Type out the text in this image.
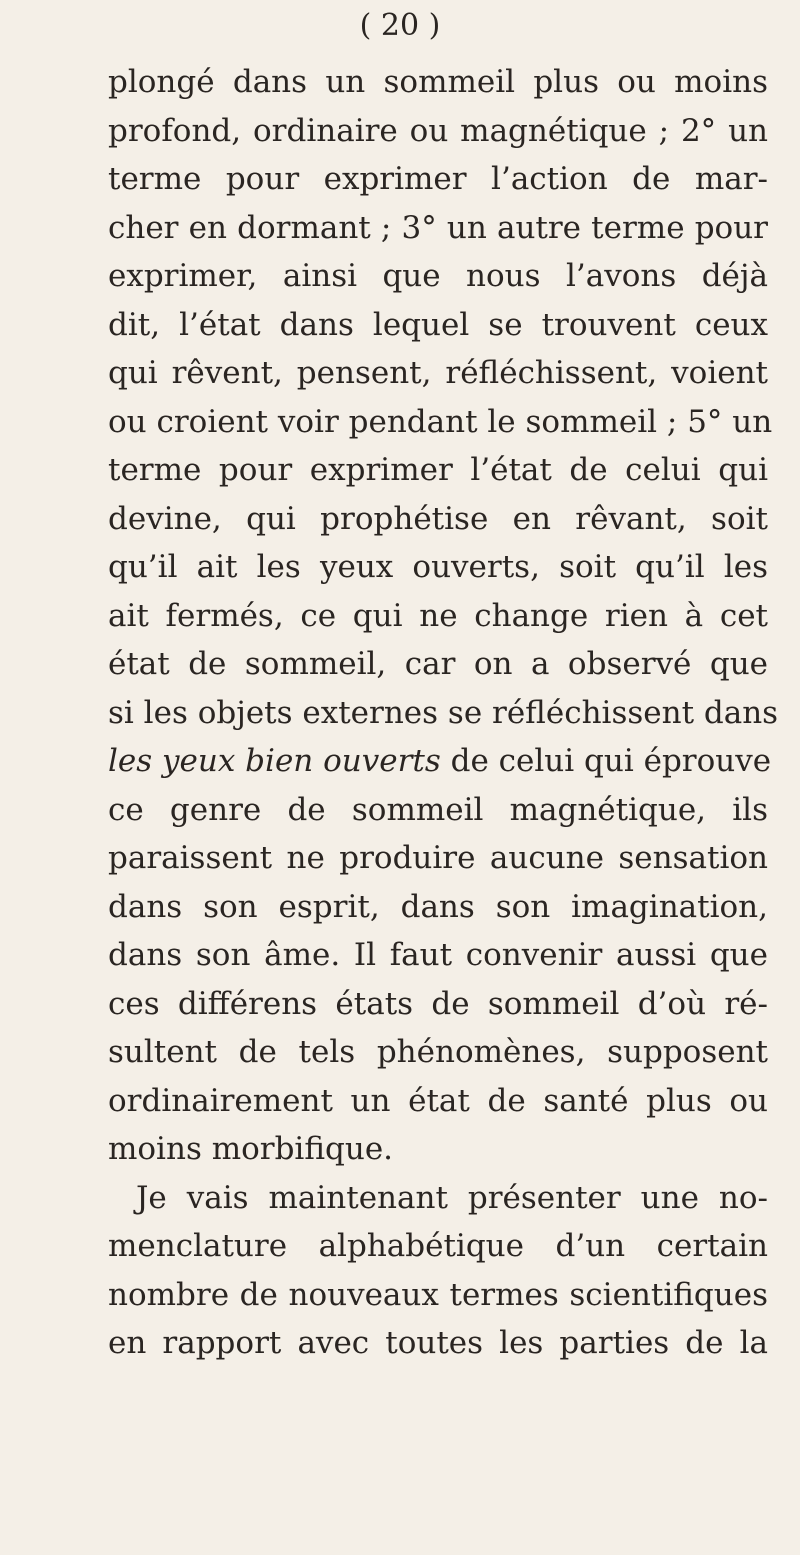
( 20 )
plongé dans un sommeil plus ou moins
profond, ordinaire ou magnétique ; 2° un
terme pour exprimer l’action de mar-
cher en dormant ; 3° un autre terme pour
exprimer, ainsi que nous l’avons déjà
dit, l’état dans lequel se trouvent ceux
qui rêvent, pensent, réfléchissent, voient
ou croient voir pendant le sommeil ; 5° un
terme pour exprimer l’état de celui qui
devine, qui prophétise en rêvant, soit
qu’il ait les yeux ouverts, soit qu’il les
ait fermés, ce qui ne change rien à cet
état de sommeil, car on a observé que
si les objets externes se réfléchissent dans
les yeux bien ouverts de celui qui éprouve
ce genre de sommeil magnétique, ils
paraissent ne produire aucune sensation
dans son esprit, dans son imagination,
dans son âme. Il faut convenir aussi que
ces différens états de sommeil d’où ré-
sultent de tels phénomènes, supposent
ordinairement un état de santé plus ou
moins morbifique.
Je vais maintenant présenter une no-
menclature alphabétique d’un certain
nombre de nouveaux termes scientifiques
en rapport avec toutes les parties de la
